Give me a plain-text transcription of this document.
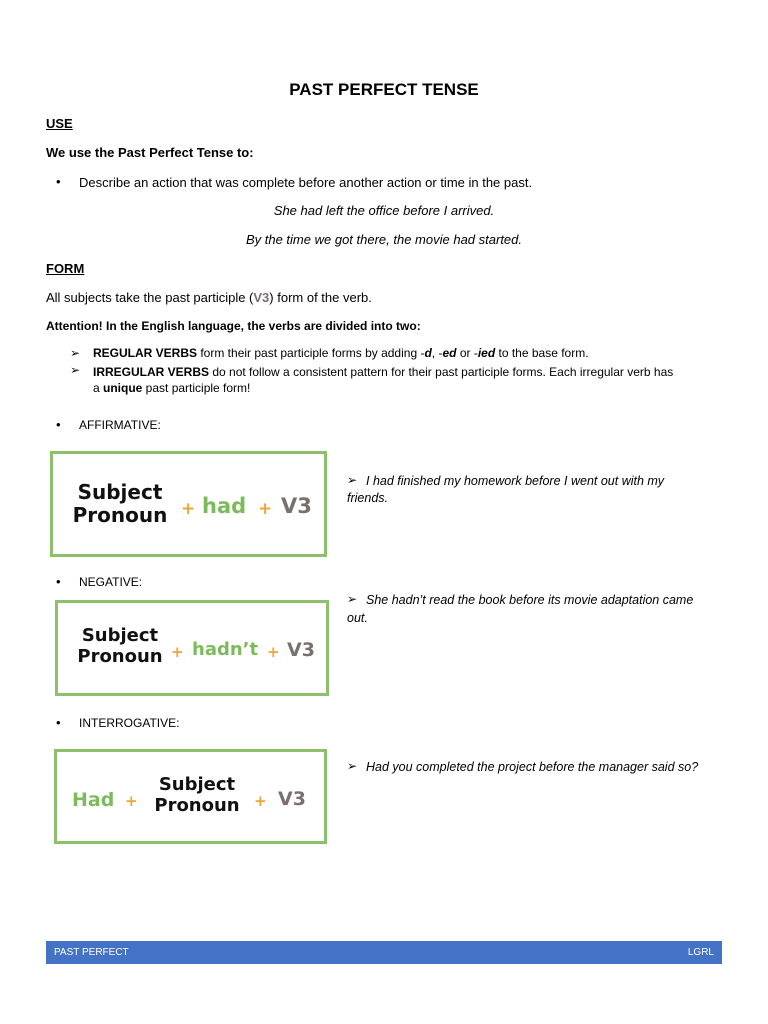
PAST PERFECT TENSE
USE
We use the Past Perfect Tense to:
• Describe an action that was complete before another action or time in the past.
She had left the office before I arrived.
By the time we got there, the movie had started.
FORM
All subjects take the past participle (V3) form of the verb.
Attention! In the English language, the verbs are divided into two:
➢ REGULAR VERBS form their past participle forms by adding -d, -ed or -ied to the base form.
➢ IRREGULAR VERBS do not follow a consistent pattern for their past participle forms. Each irregular verb has
a unique past participle form!
• AFFIRMATIVE:
Subject
Pronoun + had + V3
➢ I had finished my homework before I went out with my
friends.
• NEGATIVE:
Subject
Pronoun + hadn’t + V3
➢ She hadn’t read the book before its movie adaptation came
out.
• INTERROGATIVE:
Had +
Subject
Pronoun + V3
➢ Had you completed the project before the manager said so?
PAST PERFECT	LGRL
